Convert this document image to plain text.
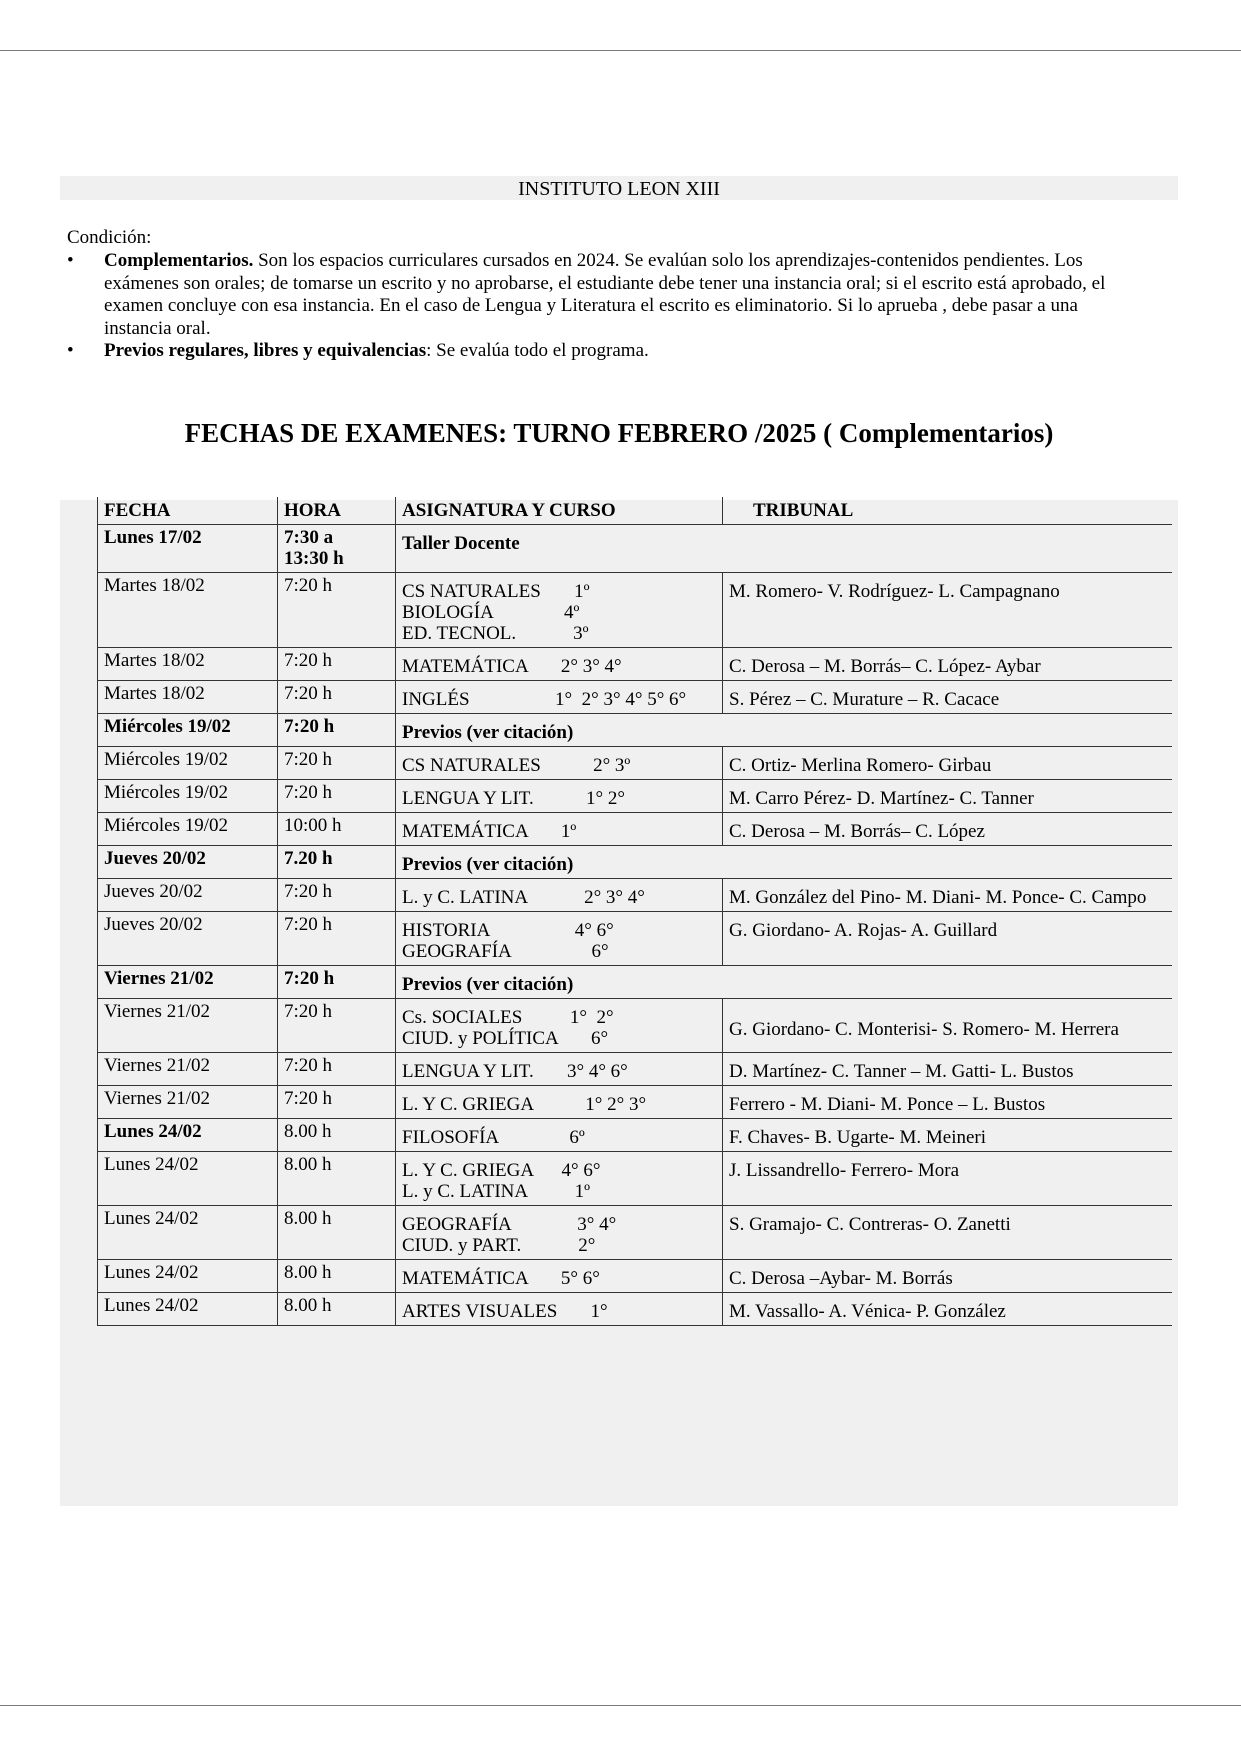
INSTITUTO LEON XIII
Condición:
• Complementarios. Son los espacios curriculares cursados en 2024. Se evalúan solo los aprendizajes-contenidos pendientes. Los exámenes son orales; de tomarse un escrito y no aprobarse, el estudiante debe tener una instancia oral; si el escrito está aprobado, el examen concluye con esa instancia. En el caso de Lengua y Literatura el escrito es eliminatorio. Si lo aprueba , debe pasar a una instancia oral.
• Previos regulares, libres y equivalencias: Se evalúa todo el programa.
FECHAS DE EXAMENES: TURNO FEBRERO /2025 ( Complementarios)
FECHA	HORA	ASIGNATURA Y CURSO	TRIBUNAL
Lunes 17/02	7:30 a
13:30 h	Taller Docente	
Martes 18/02	7:20 h	CS NATURALES       1º
BIOLOGÍA               4º
ED. TECNOL.            3º	M. Romero- V. Rodríguez- L. Campagnano
Martes 18/02	7:20 h	MATEMÁTICA       2° 3° 4°	C. Derosa – M. Borrás– C. López- Aybar
Martes 18/02	7:20 h	INGLÉS                  1°  2° 3° 4° 5° 6°	S. Pérez – C. Murature – R. Cacace
Miércoles 19/02	7:20 h	Previos (ver citación)	
Miércoles 19/02	7:20 h	CS NATURALES           2° 3º	C. Ortiz- Merlina Romero- Girbau
Miércoles 19/02	7:20 h	LENGUA Y LIT.           1° 2°	M. Carro Pérez- D. Martínez- C. Tanner
Miércoles 19/02	10:00 h	MATEMÁTICA       1º	C. Derosa – M. Borrás– C. López
Jueves 20/02	7.20 h	Previos (ver citación)	
Jueves 20/02	7:20 h	L. y C. LATINA            2° 3° 4°	M. González del Pino- M. Diani- M. Ponce- C. Campo
Jueves 20/02	7:20 h	HISTORIA                  4° 6°
GEOGRAFÍA                 6°	G. Giordano- A. Rojas- A. Guillard
Viernes 21/02	7:20 h	Previos (ver citación)	
Viernes 21/02	7:20 h	Cs. SOCIALES          1°  2°
CIUD. y POLÍTICA       6°	G. Giordano- C. Monterisi- S. Romero- M. Herrera
Viernes 21/02	7:20 h	LENGUA Y LIT.       3° 4° 6°	D. Martínez- C. Tanner – M. Gatti- L. Bustos
Viernes 21/02	7:20 h	L. Y C. GRIEGA           1° 2° 3°	Ferrero - M. Diani- M. Ponce – L. Bustos
Lunes 24/02	8.00 h	FILOSOFÍA               6º	F. Chaves- B. Ugarte- M. Meineri
Lunes 24/02	8.00 h	L. Y C. GRIEGA      4° 6°
L. y C. LATINA          1º	J. Lissandrello- Ferrero- Mora
Lunes 24/02	8.00 h	GEOGRAFÍA              3° 4°
CIUD. y PART.            2°	S. Gramajo- C. Contreras- O. Zanetti
Lunes 24/02	8.00 h	MATEMÁTICA       5° 6°	C. Derosa –Aybar- M. Borrás
Lunes 24/02	8.00 h	ARTES VISUALES       1°	M. Vassallo- A. Vénica- P. González
